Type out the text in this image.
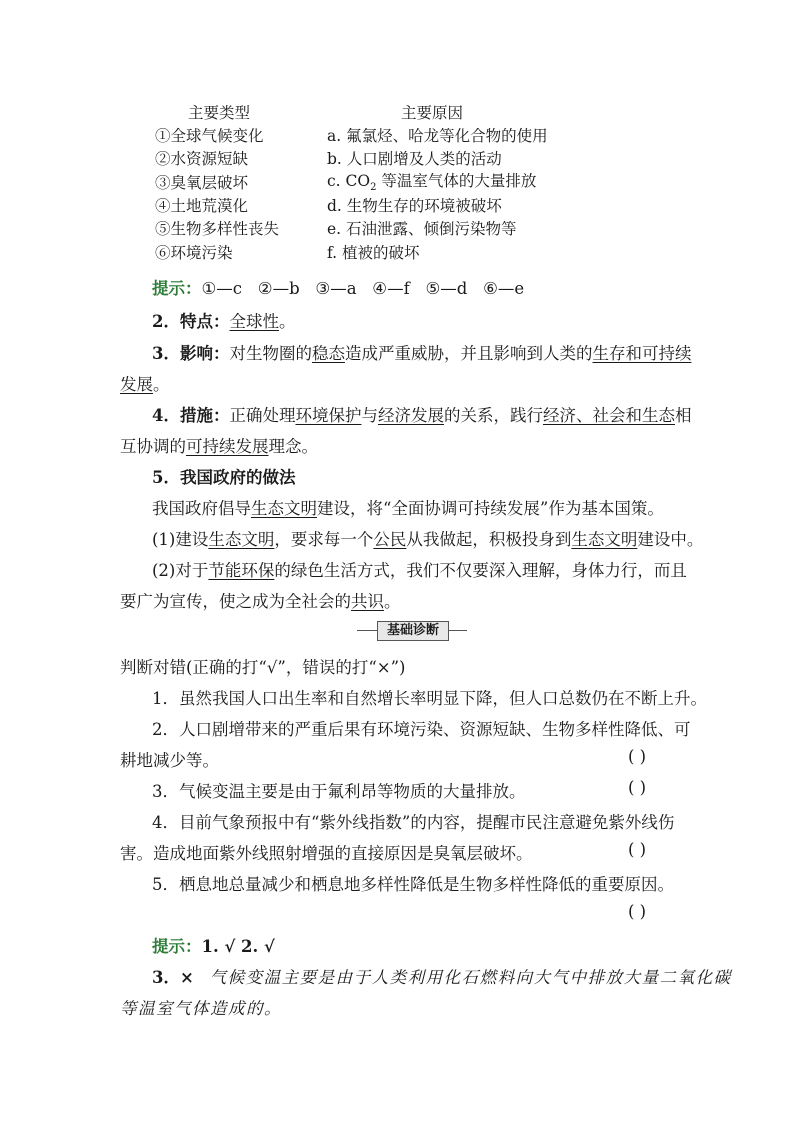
主要类型	主要原因
①全球气候变化	a. 氟氯烃、哈龙等化合物的使用
②水资源短缺	b. 人口剧增及人类的活动
③臭氧层破坏	c. $CO_2$ 等温室气体的大量排放
④土地荒漠化	d. 生物生存的环境被破坏
⑤生物多样性丧失	e. 石油泄露、倾倒污染物等
⑥环境污染	f. 植被的破坏
提示：①—c ②—b ③—a ④—f ⑤—d ⑥—e
2．特点：全球性。
3．影响：对生物圈的稳态造成严重威胁，并且影响到人类的生存和可持续
发展。
4．措施：正确处理环境保护与经济发展的关系，践行经济、社会和生态相
互协调的可持续发展理念。
5．我国政府的做法
我国政府倡导生态文明建设，将“全面协调可持续发展”作为基本国策。
(1)建设生态文明，要求每一个公民从我做起，积极投身到生态文明建设中。
(2)对于节能环保的绿色生活方式，我们不仅要深入理解，身体力行，而且
要广为宣传，使之成为全社会的共识。
基础诊断
判断对错(正确的打“√”，错误的打“×”)
1．虽然我国人口出生率和自然增长率明显下降，但人口总数仍在不断上升。
2．人口剧增带来的严重后果有环境污染、资源短缺、生物多样性降低、可
耕地减少等。	( )
3．气候变温主要是由于氟利昂等物质的大量排放。	( )
4．目前气象预报中有“紫外线指数”的内容，提醒市民注意避免紫外线伤
害。造成地面紫外线照射增强的直接原因是臭氧层破坏。	( )
5．栖息地总量减少和栖息地多样性降低是生物多样性降低的重要原因。
( )
提示：1. √ 2. √
3．× 气候变温主要是由于人类利用化石燃料向大气中排放大量二氧化碳
等温室气体造成的。
